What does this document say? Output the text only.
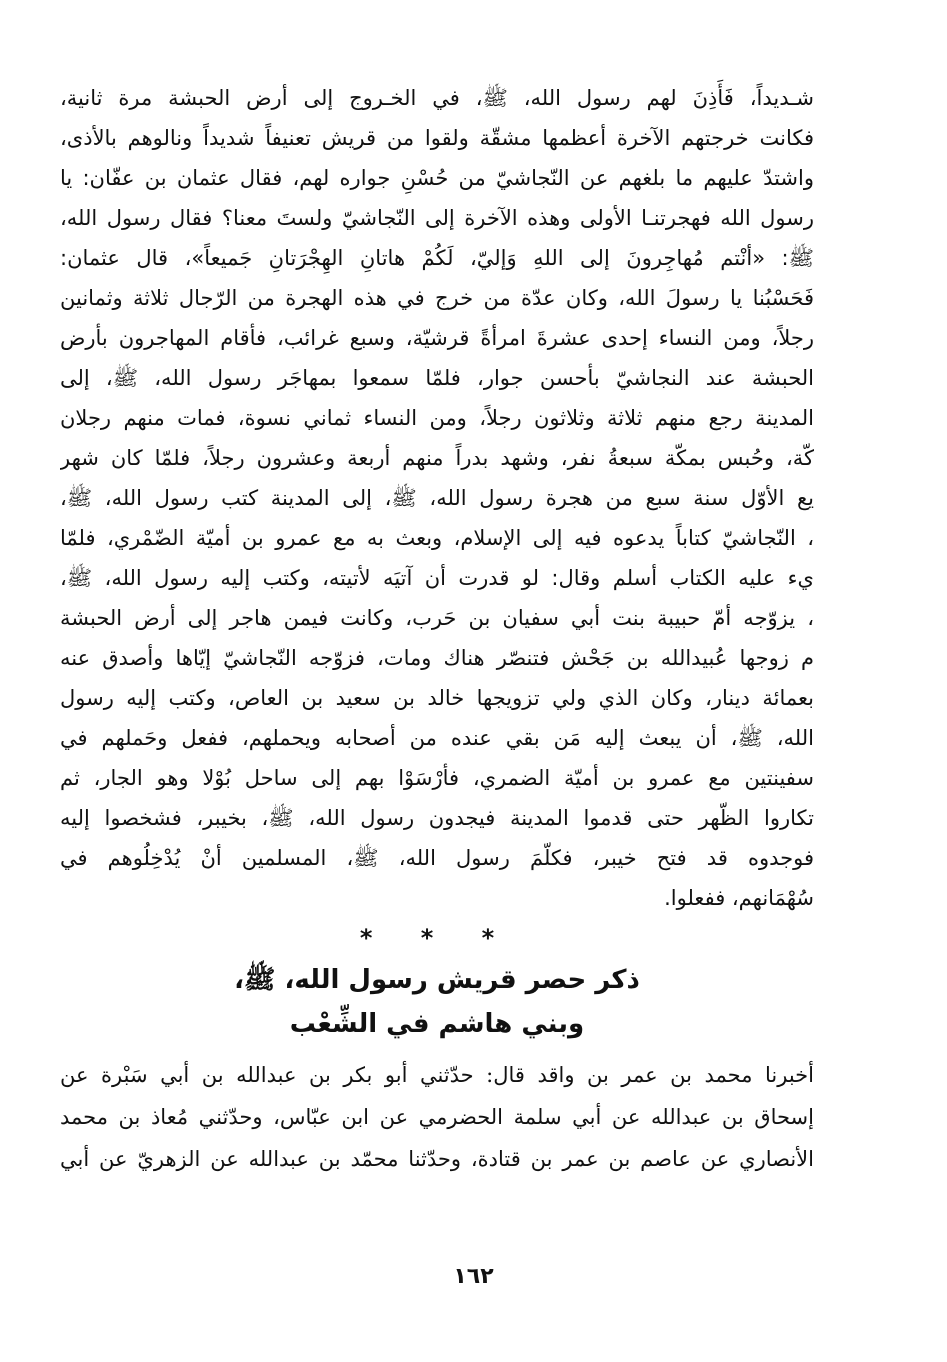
شـديداً، فَأَذِنَ لهم رسول الله، ﷺ، في الخـروج إلى أرض الحبشة مرة ثانية،
فكانت خرجتهم الآخرة أعظمها مشقّة ولقوا من قريش تعنيفاً شديداً ونالوهم بالأذى،
واشتدّ عليهم ما بلغهم عن النّجاشيّ من حُسْنِ جواره لهم، فقال عثمان بن عفّان: يا
رسول الله فهجرتنـا الأولى وهذه الآخرة إلى النّجاشيّ ولستَ معنا؟ فقال رسول الله،
ﷺ: «أنْتم مُهاجِرونَ إلى اللهِ وَإليّ، لَكُمْ هاتانِ الهِجْرَتانِ جَميعاً»، قال عثمان:
فَحَسْبُنا يا رسولَ الله، وكان عدّة من خرج في هذه الهجرة من الرّجال ثلاثة وثمانين
رجلاً، ومن النساء إحدى عشرةَ امرأةً قرشيّة، وسبع غرائب، فأقام المهاجرون بأرض
الحبشة عند النجاشيّ بأحسن جوار، فلمّا سمعوا بمهاجَر رسول الله، ﷺ، إلى
المدينة رجع منهم ثلاثة وثلاثون رجلاً، ومن النساء ثماني نسوة، فمات منهم رجلان
كّة، وحُبس بمكّة سبعةُ نفر، وشهد بدراً منهم أربعة وعشرون رجلاً، فلمّا كان شهر
يع الأوّل سنة سبع من هجرة رسول الله، ﷺ، إلى المدينة كتب رسول الله، ﷺ،
، النّجاشيّ كتاباً يدعوه فيه إلى الإسلام، وبعث به مع عمرو بن أميّة الضّمْري، فلمّا
يء عليه الكتاب أسلم وقال: لو قدرت أن آتيَه لأتيته، وكتب إليه رسول الله، ﷺ،
، يزوّجه أمّ حبيبة بنت أبي سفيان بن حَرب، وكانت فيمن هاجر إلى أرض الحبشة
م زوجها عُبيدالله بن جَحْش فتنصّر هناك ومات، فزوّجه النّجاشيّ إيّاها وأصدق عنه
بعمائة دينار، وكان الذي ولي تزويجها خالد بن سعيد بن العاص، وكتب إليه رسول
الله، ﷺ، أن يبعث إليه مَن بقي عنده من أصحابه ويحملهم، ففعل وحَملهم في
سفينتين مع عمرو بن أميّة الضمري، فأرْسَوْا بهم إلى ساحل بُوْلا وهو الجار، ثم
تكاروا الظّهر حتى قدموا المدينة فيجدون رسول الله، ﷺ، بخيبر، فشخصوا إليه
فوجدوه قد فتح خيبر، فكلّمَ رسول الله، ﷺ، المسلمين أنْ يُدْخِلُوهم في
سُهْمَانهم، ففعلوا.
* * *
ذكر حصر قريش رسول الله، ﷺ،
وبني هاشم في الشِّعْب
أخبرنا محمد بن عمر بن واقد قال: حدّثني أبو بكر بن عبدالله بن أبي سَبْرة عن
إسحاق بن عبدالله عن أبي سلمة الحضرمي عن ابن عبّاس، وحدّثني مُعاذ بن محمد
الأنصاري عن عاصم بن عمر بن قتادة، وحدّثنا محمّد بن عبدالله عن الزهريّ عن أبي
١٦٢
